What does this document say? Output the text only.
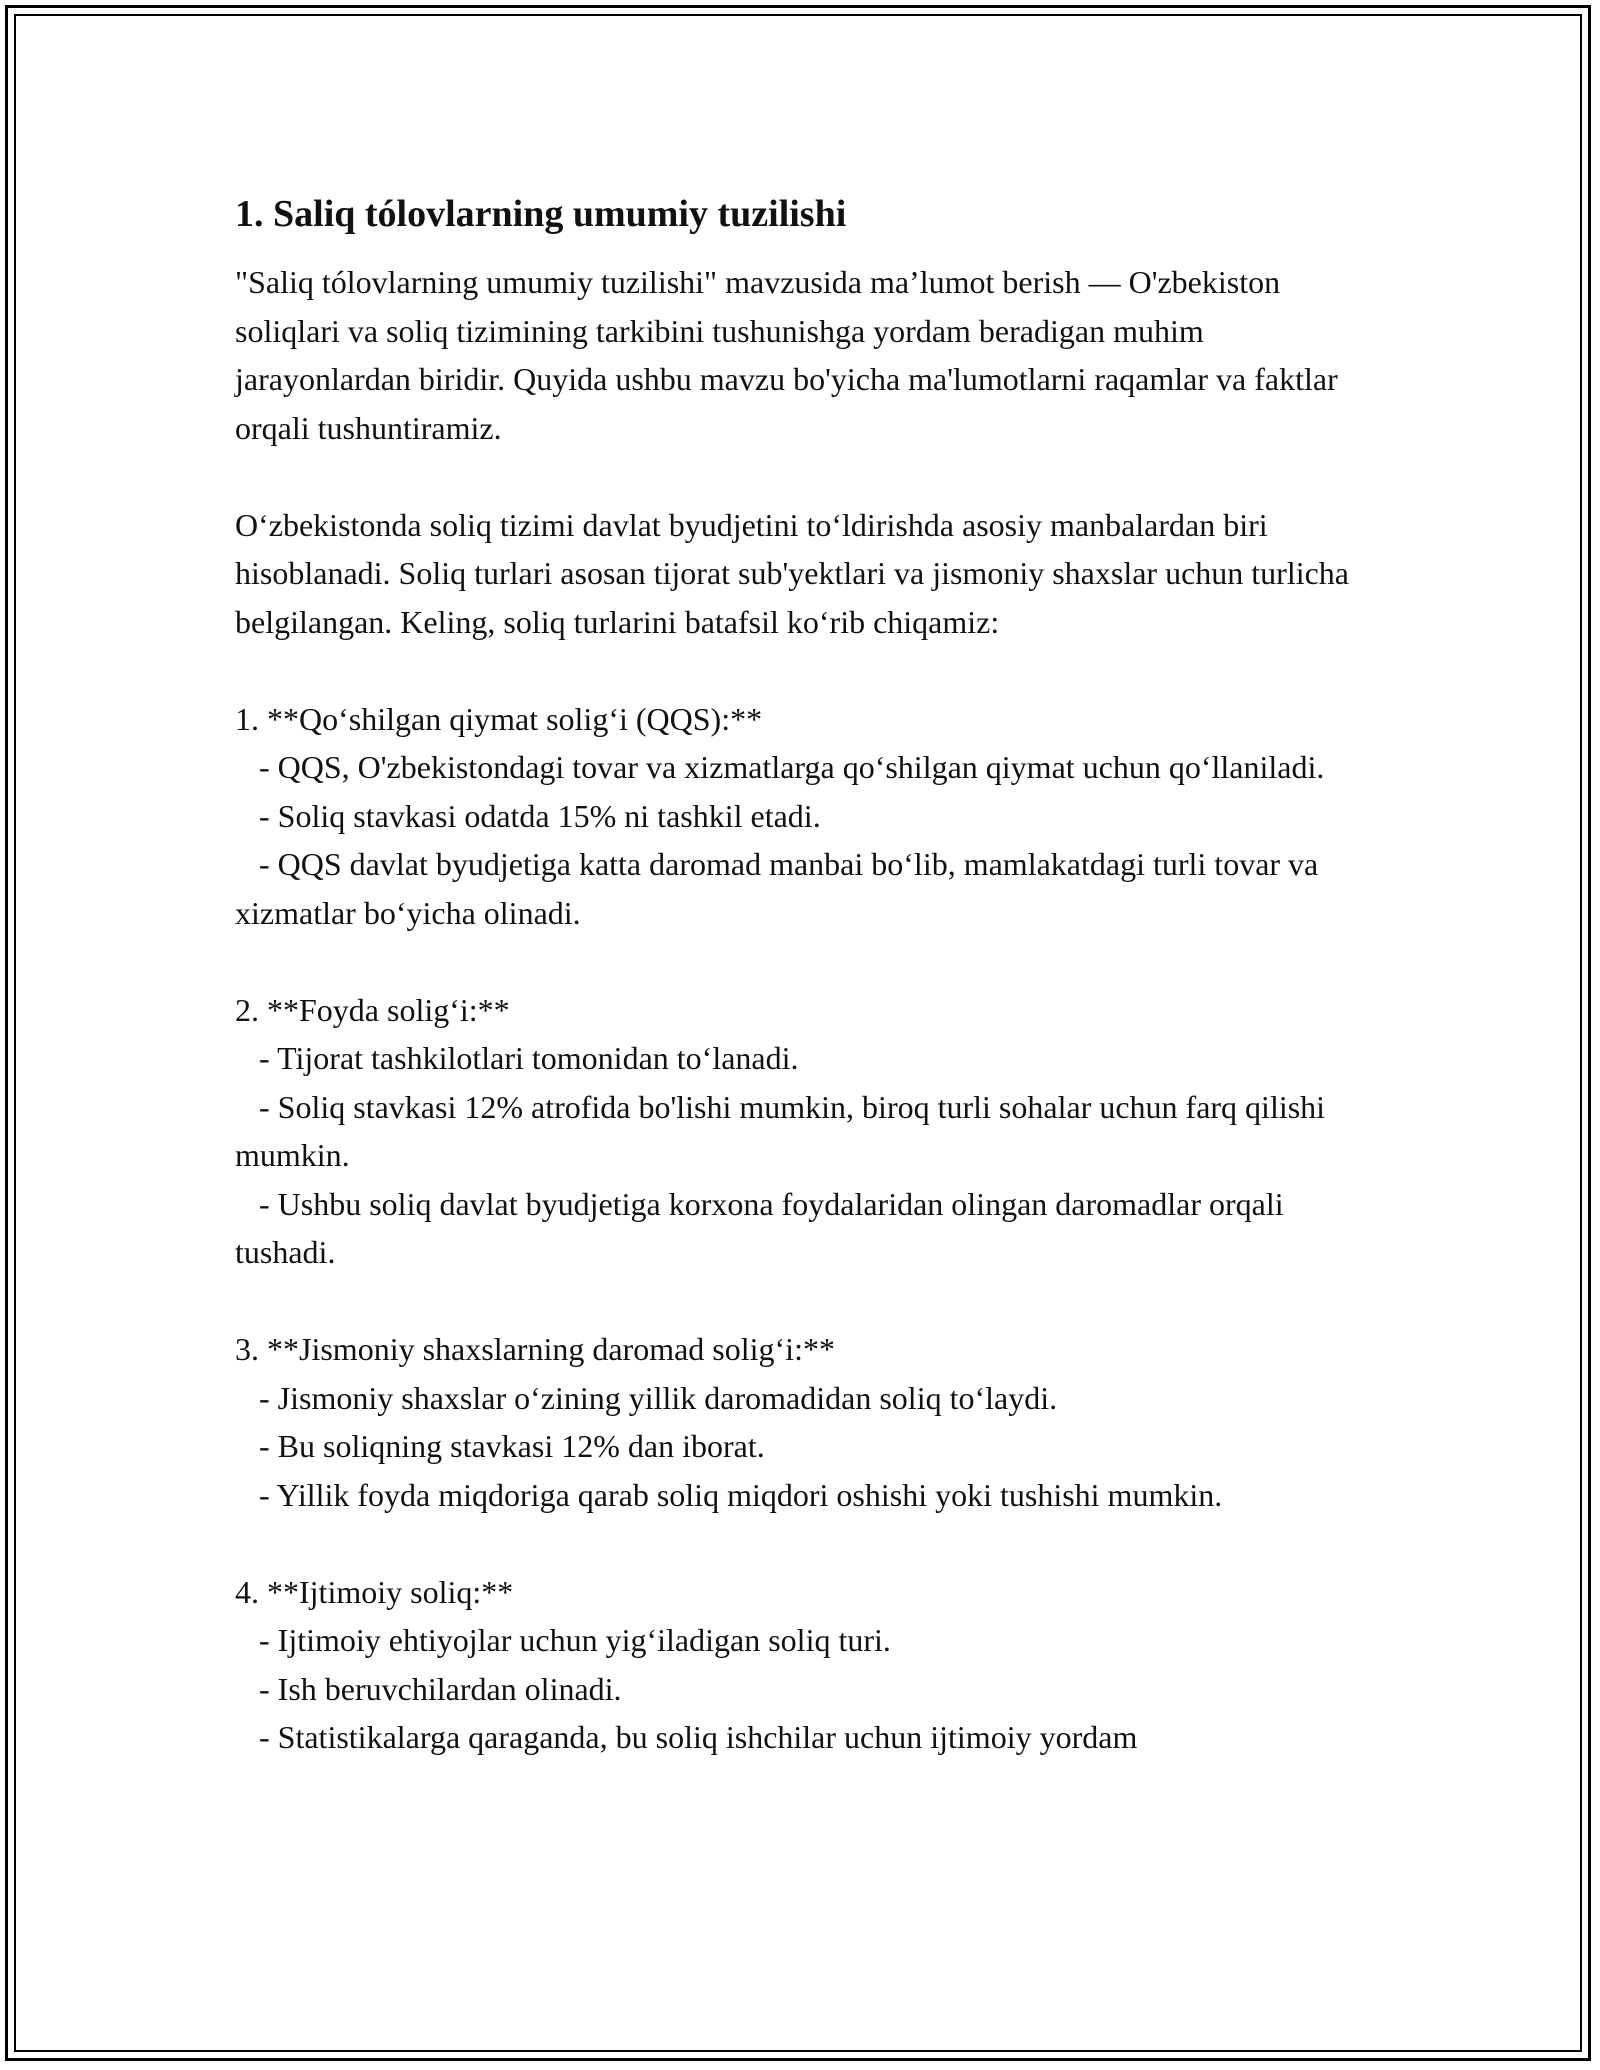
1. Saliq tólovlarning umumiy tuzilishi

"Saliq tólovlarning umumiy tuzilishi" mavzusida ma’lumot berish — O'zbekiston soliqlari va soliq tizimining tarkibini tushunishga yordam beradigan muhim jarayonlardan biridir. Quyida ushbu mavzu bo'yicha ma'lumotlarni raqamlar va faktlar orqali tushuntiramiz.

O‘zbekistonda soliq tizimi davlat byudjetini to‘ldirishda asosiy manbalardan biri hisoblanadi. Soliq turlari asosan tijorat sub'yektlari va jismoniy shaxslar uchun turlicha belgilangan. Keling, soliq turlarini batafsil ko‘rib chiqamiz:

1. **Qo‘shilgan qiymat solig‘i (QQS):**

- QQS, O'zbekistondagi tovar va xizmatlarga qo‘shilgan qiymat uchun qo‘llaniladi.

- Soliq stavkasi odatda 15% ni tashkil etadi.

- QQS davlat byudjetiga katta daromad manbai bo‘lib, mamlakatdagi turli tovar va xizmatlar bo‘yicha olinadi.

2. **Foyda solig‘i:**

- Tijorat tashkilotlari tomonidan to‘lanadi.

- Soliq stavkasi 12% atrofida bo'lishi mumkin, biroq turli sohalar uchun farq qilishi mumkin.

- Ushbu soliq davlat byudjetiga korxona foydalaridan olingan daromadlar orqali tushadi.

3. **Jismoniy shaxslarning daromad solig‘i:**

- Jismoniy shaxslar o‘zining yillik daromadidan soliq to‘laydi.

- Bu soliqning stavkasi 12% dan iborat.

- Yillik foyda miqdoriga qarab soliq miqdori oshishi yoki tushishi mumkin.

4. **Ijtimoiy soliq:**

- Ijtimoiy ehtiyojlar uchun yig‘iladigan soliq turi.

- Ish beruvchilardan olinadi.

- Statistikalarga qaraganda, bu soliq ishchilar uchun ijtimoiy yordam
